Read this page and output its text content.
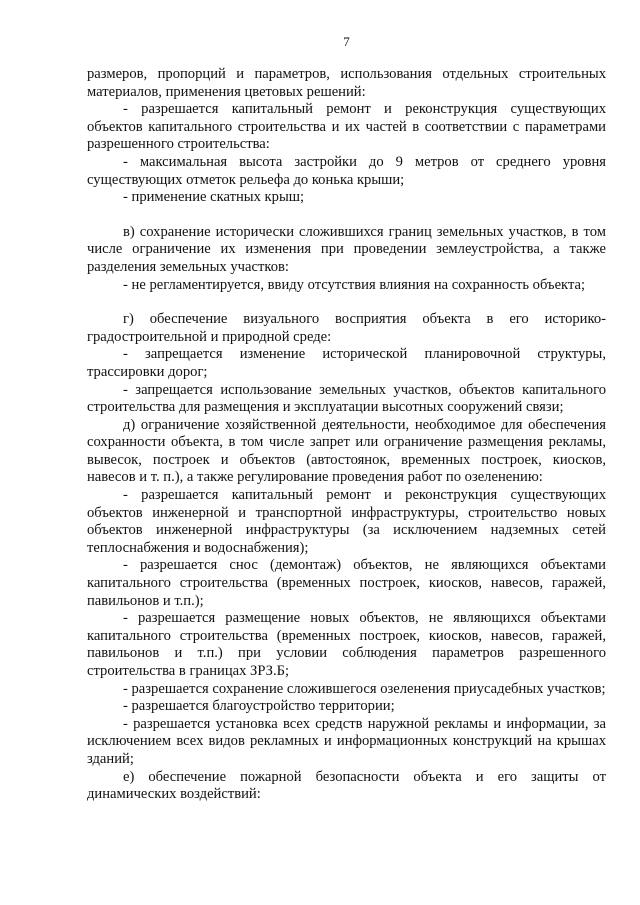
7

размеров, пропорций и параметров, использования отдельных строительных материалов, применения цветовых решений:

- разрешается капитальный ремонт и реконструкция существующих объектов капитального строительства и их частей в соответствии с параметрами разрешенного строительства:

- максимальная высота застройки до 9 метров от среднего уровня существующих отметок рельефа до конька крыши;

- применение скатных крыш;

в) сохранение исторически сложившихся границ земельных участков, в том числе ограничение их изменения при проведении землеустройства, а также разделения земельных участков:

- не регламентируется, ввиду отсутствия влияния на сохранность объекта;

г) обеспечение визуального восприятия объекта в его историко-градостроительной и природной среде:

- запрещается изменение исторической планировочной структуры, трассировки дорог;

- запрещается использование земельных участков, объектов капитального строительства для размещения и эксплуатации высотных сооружений связи;

д) ограничение хозяйственной деятельности, необходимое для обеспечения сохранности объекта, в том числе запрет или ограничение размещения рекламы, вывесок, построек и объектов (автостоянок, временных построек, киосков, навесов и т. п.), а также регулирование проведения работ по озеленению:

- разрешается капитальный ремонт и реконструкция существующих объектов инженерной и транспортной инфраструктуры, строительство новых объектов инженерной инфраструктуры (за исключением надземных сетей теплоснабжения и водоснабжения);

- разрешается снос (демонтаж) объектов, не являющихся объектами капитального строительства (временных построек, киосков, навесов, гаражей, павильонов и т.п.);

- разрешается размещение новых объектов, не являющихся объектами капитального строительства (временных построек, киосков, навесов, гаражей, павильонов и т.п.) при условии соблюдения параметров разрешенного строительства в границах ЗРЗ.Б;

- разрешается сохранение сложившегося озеленения приусадебных участков;

- разрешается благоустройство территории;

- разрешается установка всех средств наружной рекламы и информации, за исключением всех видов рекламных и информационных конструкций на крышах зданий;

е) обеспечение пожарной безопасности объекта и его защиты от динамических воздействий:
